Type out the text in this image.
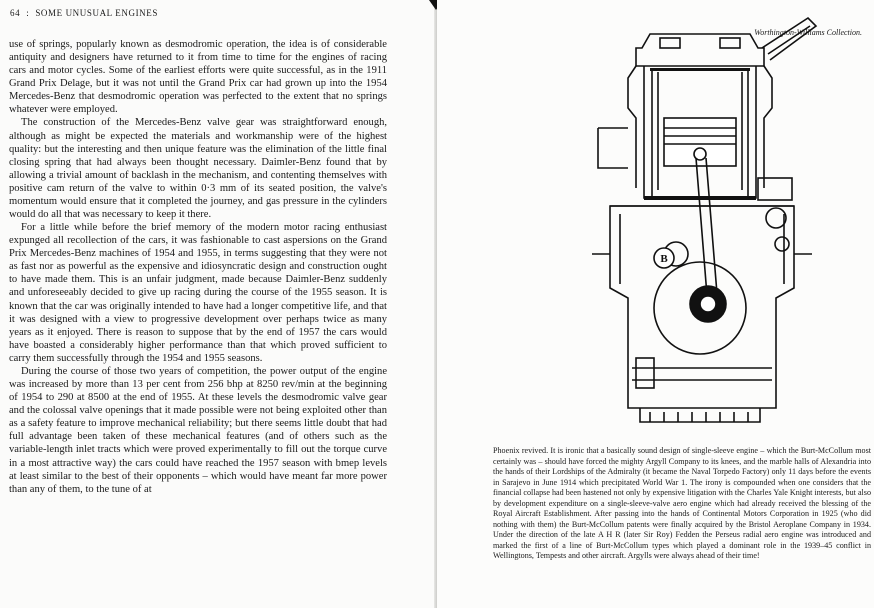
64 : SOME UNUSUAL ENGINES

use of springs, popularly known as desmodromic operation, the idea is of considerable antiquity and designers have returned to it from time to time for the engines of racing cars and motor cycles. Some of the earliest efforts were quite successful, as in the 1911 Grand Prix Delage, but it was not until the Grand Prix car had grown up into the 1954 Mercedes-Benz that desmodromic operation was perfected to the extent that no springs whatever were employed.

The construction of the Mercedes-Benz valve gear was straightforward enough, although as might be expected the materials and workmanship were of the highest quality: but the interesting and then unique feature was the elimination of the little final closing spring that had always been thought necessary. Daimler-Benz found that by allowing a trivial amount of backlash in the mechanism, and contenting themselves with positive cam return of the valve to within 0·3 mm of its seated position, the valve's momentum would ensure that it completed the journey, and gas pressure in the cylinders would do all that was necessary to keep it there.

For a little while before the brief memory of the modern motor racing enthusiast expunged all recollection of the cars, it was fashionable to cast aspersions on the Grand Prix Mercedes-Benz machines of 1954 and 1955, in terms suggesting that they were not as fast nor as powerful as the expensive and idiosyncratic design and construction ought to have made them. This is an unfair judgment, made because Daimler-Benz suddenly and unforeseeably decided to give up racing during the course of the 1955 season. It is known that the car was originally intended to have had a longer competitive life, and that it was designed with a view to progressive development over perhaps twice as many years as it enjoyed. There is reason to suppose that by the end of 1957 the cars would have boasted a considerably higher performance than that which proved sufficient to carry them successfully through the 1954 and 1955 seasons.

During the course of those two years of competition, the power output of the engine was increased by more than 13 per cent from 256 bhp at 8250 rev/min at the beginning of 1954 to 290 at 8500 at the end of 1955. At these levels the desmodromic valve gear and the colossal valve openings that it made possible were not being exploited other than as a safety feature to improve mechanical reliability; but there seems little doubt that had full advantage been taken of these mechanical features (and of others such as the variable-length inlet tracts which were proved experimentally to fill out the torque curve in a most attractive way) the cars could have reached the 1957 season with bmep levels at least similar to the best of their opponents – which would have meant far more power than any of them, to the tune of at

Worthington-Williams Collection.
B
Phoenix revived. It is ironic that a basically sound design of single-sleeve engine – which the Burt-McCollum most certainly was – should have forced the mighty Argyll Company to its knees, and the marble halls of Alexandria into the hands of their Lordships of the Admiralty (it became the Naval Torpedo Factory) only 11 days before the events in Sarajevo in June 1914 which precipitated World War 1. The irony is compounded when one considers that the financial collapse had been hastened not only by expensive litigation with the Charles Yale Knight interests, but also by development expenditure on a single-sleeve-valve aero engine which had already received the blessing of the Royal Aircraft Establishment. After passing into the hands of Continental Motors Corporation in 1925 (who did nothing with them) the Burt-McCollum patents were finally acquired by the Bristol Aeroplane Company in 1934. Under the direction of the late A H R (later Sir Roy) Fedden the Perseus radial aero engine was introduced and marked the first of a line of Burt-McCollum types which played a dominant role in the 1939–45 conflict in Wellingtons, Tempests and other aircraft. Argylls were always ahead of their time!
